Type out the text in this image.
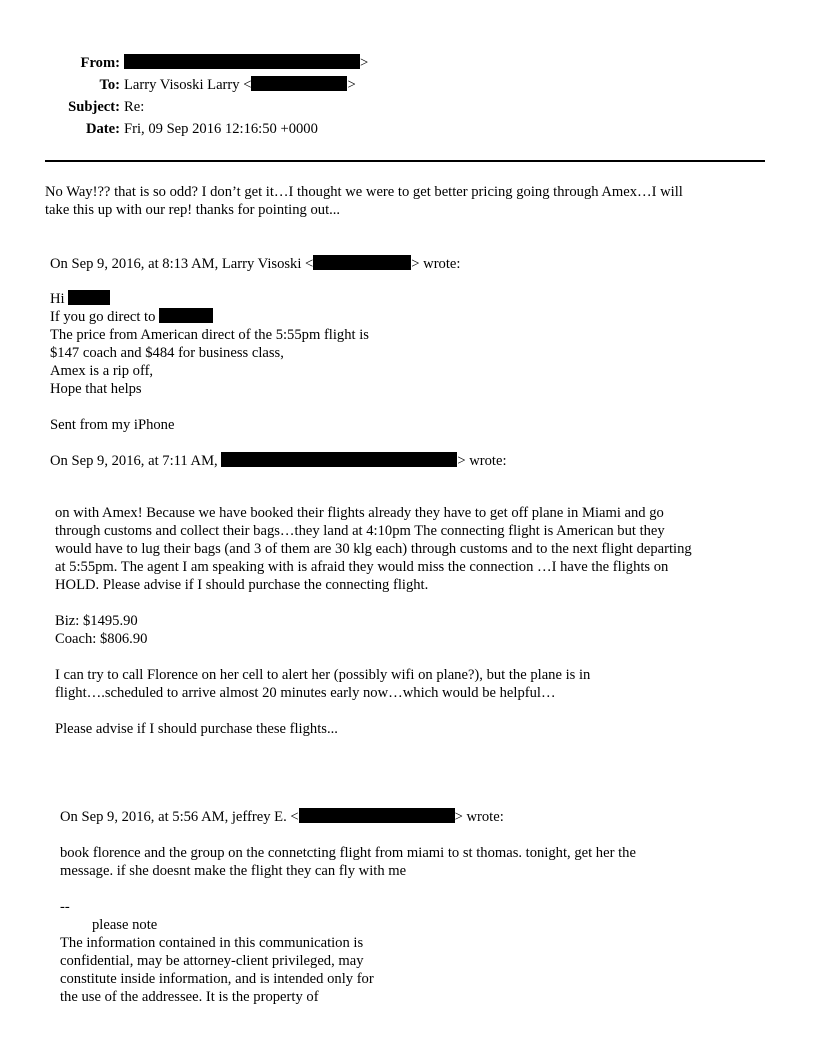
From:	>
To: Larry Visoski Larry <	>
Subject: Re:
Date: Fri, 09 Sep 2016 12:16:50 +0000
No Way!?? that is so odd? I don’t get it…I thought we were to get better pricing going through Amex…I will
take this up with our rep! thanks for pointing out...
On Sep 9, 2016, at 8:13 AM, Larry Visoski <	> wrote:
Hi
If you go direct to
The price from American direct of the 5:55pm flight is
$147 coach and $484 for business class,
Amex is a rip off,
Hope that helps
Sent from my iPhone
On Sep 9, 2016, at 7:11 AM,	> wrote:
on with Amex! Because we have booked their flights already they have to get off plane in Miami and go
through customs and collect their bags…they land at 4:10pm The connecting flight is American but they
would have to lug their bags (and 3 of them are 30 klg each) through customs and to the next flight departing
at 5:55pm. The agent I am speaking with is afraid they would miss the connection …I have the flights on
HOLD. Please advise if I should purchase the connecting flight.
Biz: $1495.90
Coach: $806.90
I can try to call Florence on her cell to alert her (possibly wifi on plane?), but the plane is in
flight….scheduled to arrive almost 20 minutes early now…which would be helpful…
Please advise if I should purchase these flights...
On Sep 9, 2016, at 5:56 AM, jeffrey E. <	> wrote:
book florence and the group on the connetcting flight from miami to st thomas. tonight, get her the
message. if she doesnt make the flight they can fly with me
--
please note
The information contained in this communication is
confidential, may be attorney-client privileged, may
constitute inside information, and is intended only for
the use of the addressee. It is the property of
